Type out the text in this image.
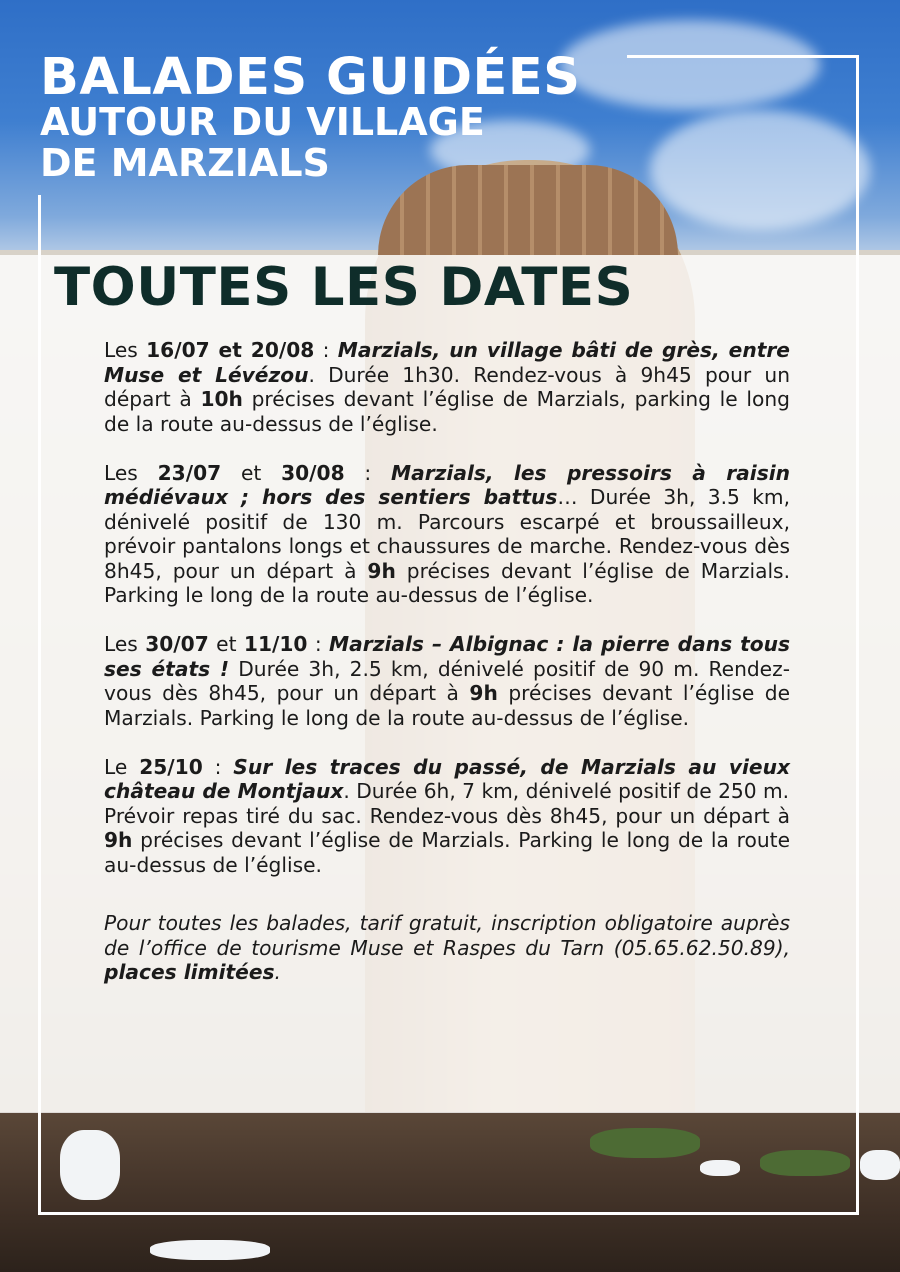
BALADES GUIDÉES
AUTOUR DU VILLAGE
DE MARZIALS
TOUTES LES DATES

Les 16/07 et 20/08 : Marzials, un village bâti de grès, entre Muse et Lévézou. Durée 1h30. Rendez-vous à 9h45 pour un départ à 10h précises devant l’église de Marzials, parking le long de la route au-dessus de l’église.

Les 23/07 et 30/08 : Marzials, les pressoirs à raisin médiévaux ; hors des sentiers battus… Durée 3h, 3.5 km, dénivelé positif de 130 m. Parcours escarpé et broussailleux, prévoir pantalons longs et chaussures de marche. Rendez-vous dès 8h45, pour un départ à 9h précises devant l’église de Marzials. Parking le long de la route au-dessus de l’église.

Les 30/07 et 11/10 : Marzials – Albignac : la pierre dans tous ses états ! Durée 3h, 2.5 km, dénivelé positif de 90 m. Rendez-vous dès 8h45, pour un départ à 9h précises devant l’église de Marzials. Parking le long de la route au-dessus de l’église.

Le 25/10 : Sur les traces du passé, de Marzials au vieux château de Montjaux. Durée 6h, 7 km, dénivelé positif de 250 m.
Prévoir repas tiré du sac. Rendez-vous dès 8h45, pour un départ à 9h précises devant l’église de Marzials. Parking le long de la route au-dessus de l’église.

Pour toutes les balades, tarif gratuit, inscription obligatoire auprès de l’office de tourisme Muse et Raspes du Tarn (05.65.62.50.89), places limitées.
